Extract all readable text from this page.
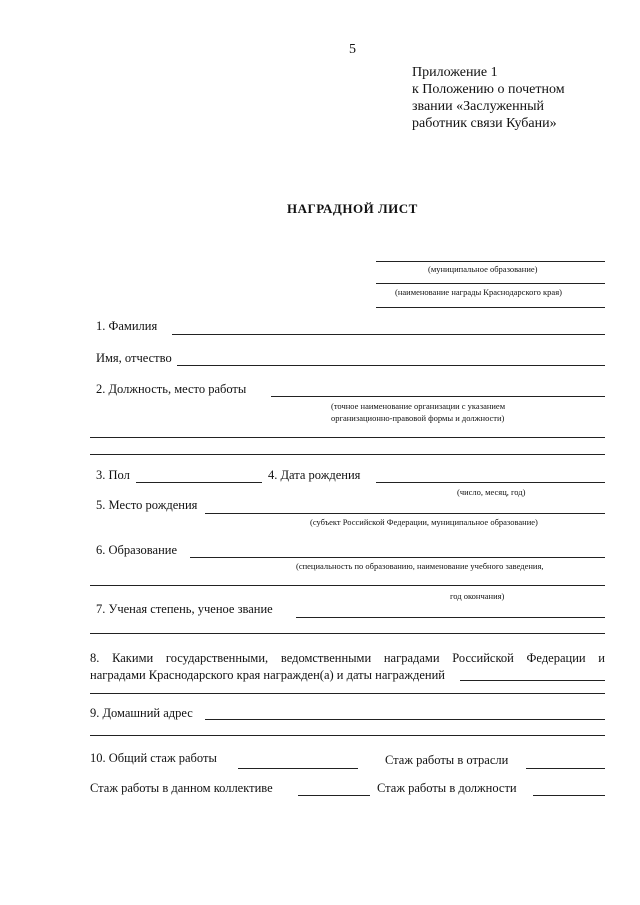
5
Приложение 1
к Положению о почетном
звании «Заслуженный
работник связи Кубани»
НАГРАДНОЙ ЛИСТ
(муниципальное образование)
(наименование награды Краснодарского края)
1. Фамилия
Имя, отчество
2. Должность, место работы
(точное наименование организации с указанием
организационно-правовой формы и должности)
3. Пол	4. Дата рождения
(число, месяц, год)
5. Место рождения
(субъект Российской Федерации, муниципальное образование)
6. Образование
(специальность по образованию, наименование учебного заведения,
год окончания)
7. Ученая степень, ученое звание
8. Какими государственными, ведомственными наградами Российской Федерации и
наградами Краснодарского края награжден(а) и даты награждений
9. Домашний адрес
10. Общий стаж работы	Стаж работы в отрасли
Стаж работы в данном коллективе	Стаж работы в должности
